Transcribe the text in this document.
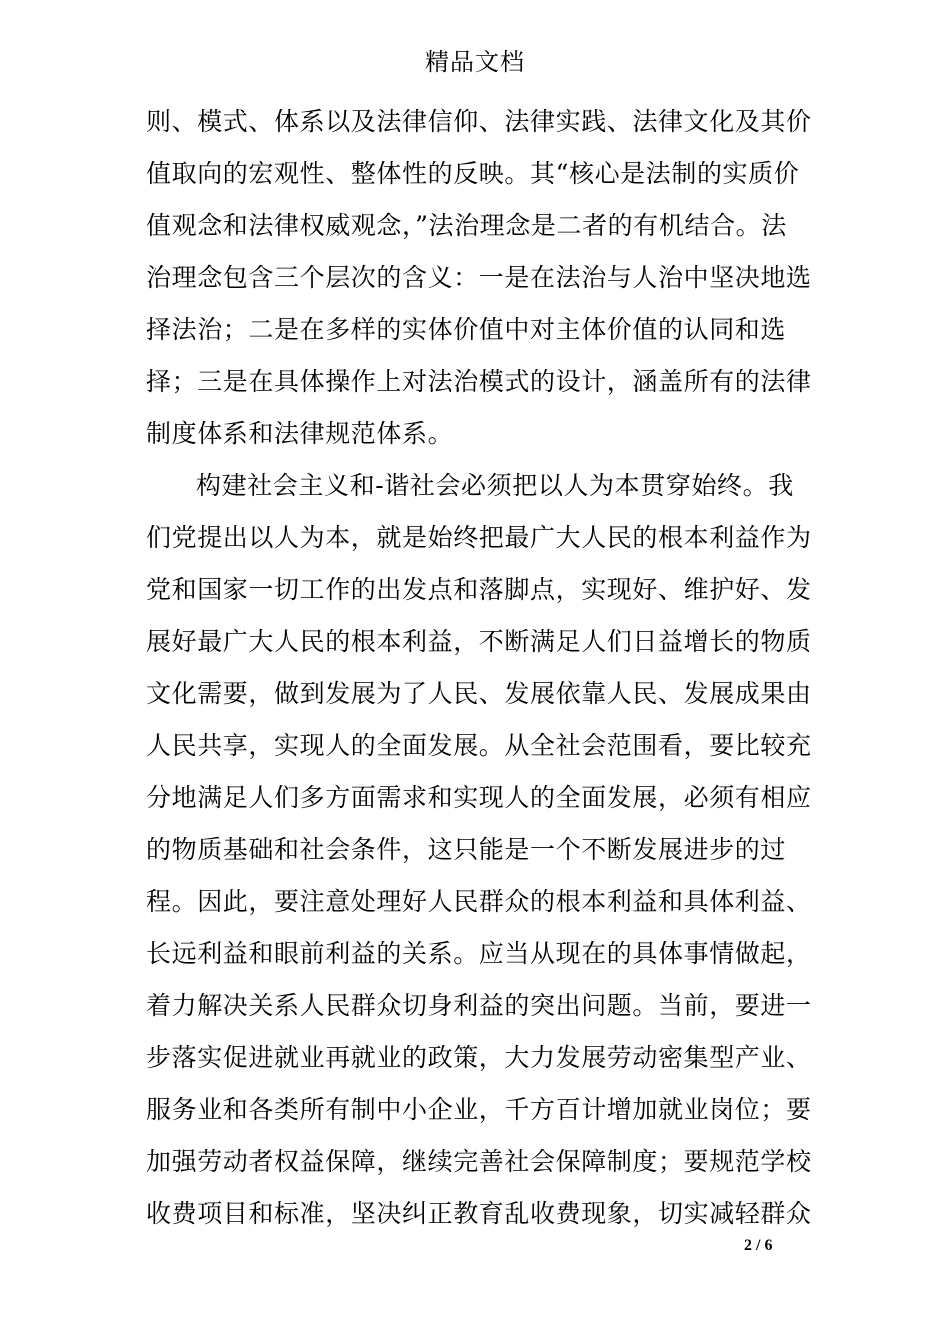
精品文档
则、模式、体系以及法律信仰、法律实践、法律文化及其价
值取向的宏观性、整体性的反映。其“核心是法制的实质价
值观念和法律权威观念，”法治理念是二者的有机结合。法
治理念包含三个层次的含义：一是在法治与人治中坚决地选
择法治；二是在多样的实体价值中对主体价值的认同和选
择；三是在具体操作上对法治模式的设计，涵盖所有的法律
制度体系和法律规范体系。
构建社会主义和-谐社会必须把以人为本贯穿始终。我
们党提出以人为本，就是始终把最广大人民的根本利益作为
党和国家一切工作的出发点和落脚点，实现好、维护好、发
展好最广大人民的根本利益，不断满足人们日益增长的物质
文化需要，做到发展为了人民、发展依靠人民、发展成果由
人民共享，实现人的全面发展。从全社会范围看，要比较充
分地满足人们多方面需求和实现人的全面发展，必须有相应
的物质基础和社会条件，这只能是一个不断发展进步的过
程。因此，要注意处理好人民群众的根本利益和具体利益、
长远利益和眼前利益的关系。应当从现在的具体事情做起，
着力解决关系人民群众切身利益的突出问题。当前，要进一
步落实促进就业再就业的政策，大力发展劳动密集型产业、
服务业和各类所有制中小企业，千方百计增加就业岗位；要
加强劳动者权益保障，继续完善社会保障制度；要规范学校
收费项目和标准，坚决纠正教育乱收费现象，切实减轻群众
2 / 6
